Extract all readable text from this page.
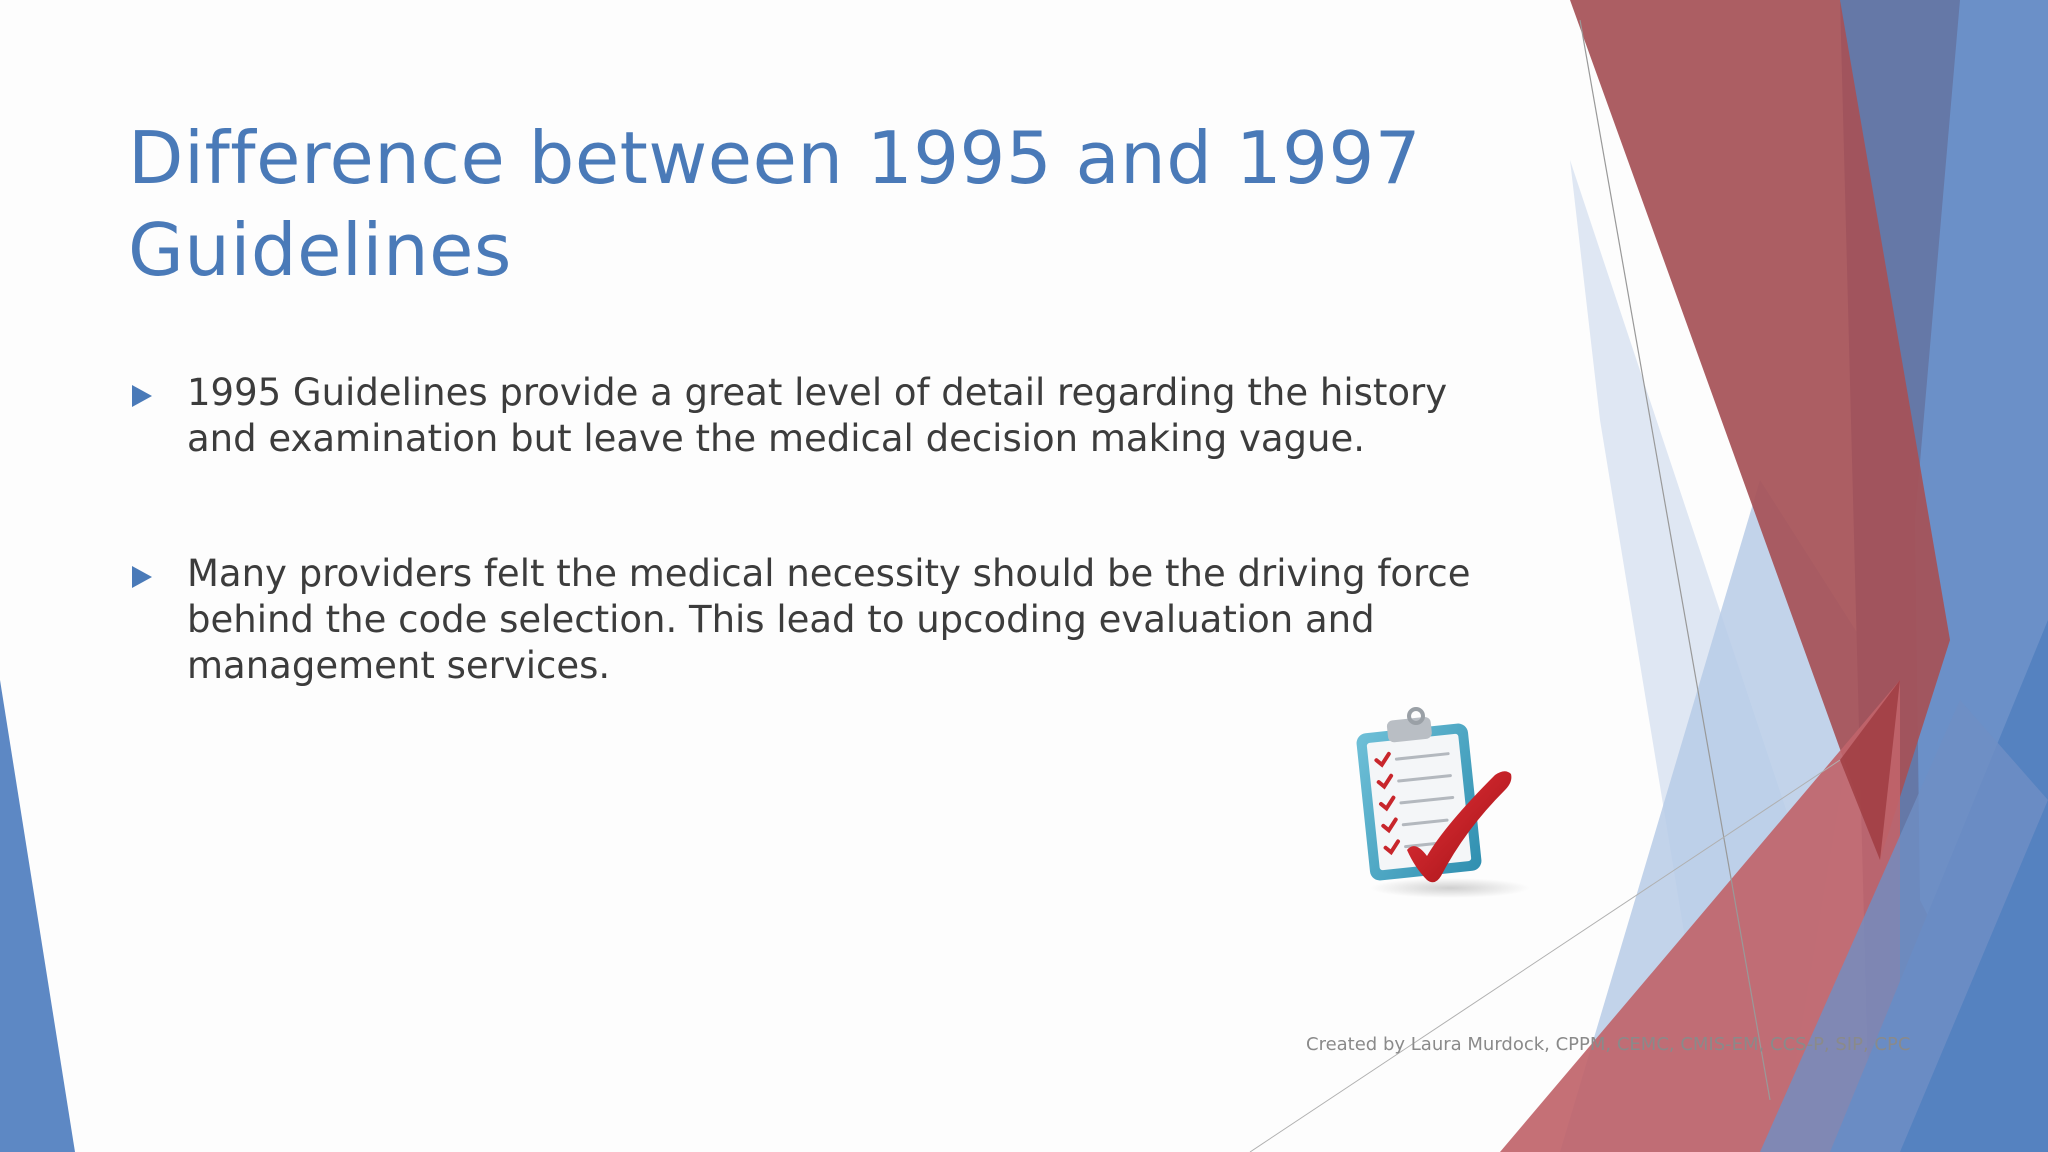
Difference between 1995 and 1997 Guidelines
1995 Guidelines provide a great level of detail regarding the history and examination but leave the medical decision making vague.
Many providers felt the medical necessity should be the driving force behind the code selection. This lead to upcoding evaluation and management services.
Created by Laura Murdock, CPPM, CEMC, CMIS-EM, CCS-P, SIP, CPC
